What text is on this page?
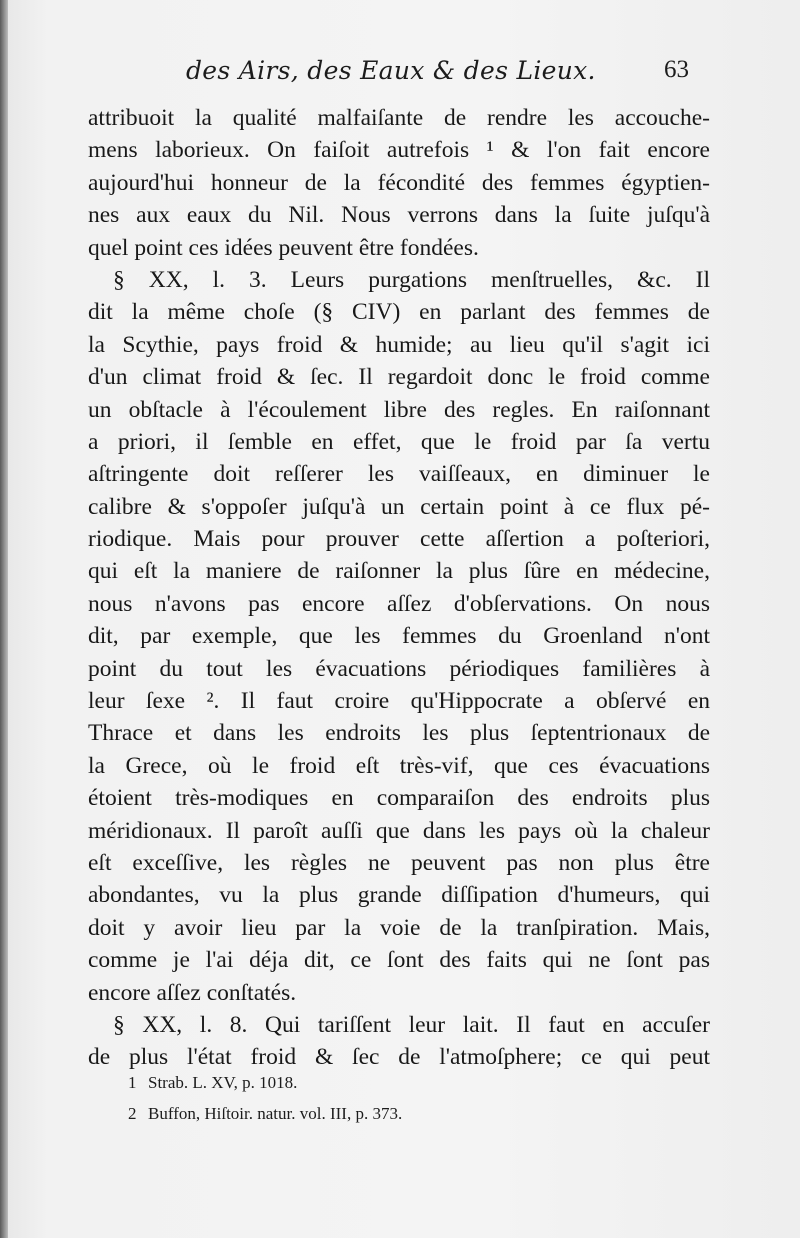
des Airs, des Eaux & des Lieux.	63
attribuoit la qualité malfaiſante de rendre les accouche-
mens laborieux. On faiſoit autrefois ¹ & l'on fait encore
aujourd'hui honneur de la fécondité des femmes égyptien-
nes aux eaux du Nil. Nous verrons dans la ſuite juſqu'à
quel point ces idées peuvent être fondées.
§ XX, l. 3. Leurs purgations menſtruelles, &c. Il
dit la même choſe (§ CIV) en parlant des femmes de
la Scythie, pays froid & humide; au lieu qu'il s'agit ici
d'un climat froid & ſec. Il regardoit donc le froid comme
un obſtacle à l'écoulement libre des regles. En raiſonnant
a priori, il ſemble en effet, que le froid par ſa vertu
aſtringente doit reſſerer les vaiſſeaux, en diminuer le
calibre & s'oppoſer juſqu'à un certain point à ce flux pé-
riodique. Mais pour prouver cette aſſertion a poſteriori,
qui eſt la maniere de raiſonner la plus ſûre en médecine,
nous n'avons pas encore aſſez d'obſervations. On nous
dit, par exemple, que les femmes du Groenland n'ont
point du tout les évacuations périodiques familières à
leur ſexe ². Il faut croire qu'Hippocrate a obſervé en
Thrace et dans les endroits les plus ſeptentrionaux de
la Grece, où le froid eſt très-vif, que ces évacuations
étoient très-modiques en comparaiſon des endroits plus
méridionaux. Il paroît auſſi que dans les pays où la chaleur
eſt exceſſive, les règles ne peuvent pas non plus être
abondantes, vu la plus grande diſſipation d'humeurs, qui
doit y avoir lieu par la voie de la tranſpiration. Mais,
comme je l'ai déja dit, ce ſont des faits qui ne ſont pas
encore aſſez conſtatés.
§ XX, l. 8. Qui tariſſent leur lait. Il faut en accuſer
de plus l'état froid & ſec de l'atmoſphere; ce qui peut
1 Strab. L. XV, p. 1018.
2 Buffon, Hiſtoir. natur. vol. III, p. 373.
